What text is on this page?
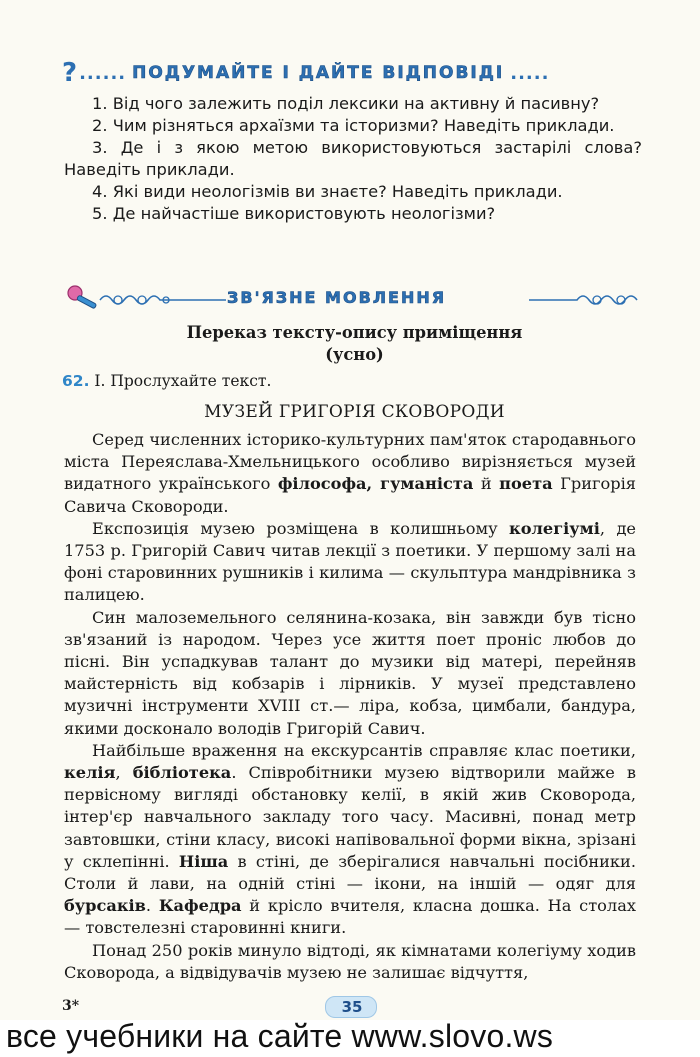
? ...... ПОДУМАЙТЕ І ДАЙТЕ ВІДПОВІДІ .....

1. Від чого залежить поділ лексики на активну й пасивну?

2. Чим різняться архаїзми та історизми? Наведіть приклади.

3. Де і з якою метою використовуються застарілі слова? Наведіть приклади.

4. Які види неологізмів ви знаєте? Наведіть приклади.

5. Де найчастіше використовують неологізми?

ЗВ'ЯЗНЕ МОВЛЕННЯ
Переказ тексту-опису приміщення
(усно)
62. I. Прослухайте текст.
МУЗЕЙ ГРИГОРІЯ СКОВОРОДИ

Серед численних історико-культурних пам'яток стародавнього міста Переяслава-Хмельницького особливо вирізняється музей видатного українського філософа, гуманіста й поета Григорія Савича Сковороди.

Експозиція музею розміщена в колишньому колегіумі, де 1753 р. Григорій Савич читав лекції з поетики. У першому залі на фоні старовинних рушників і килима — скульптура мандрівника з палицею.

Син малоземельного селянина-козака, він завжди був тісно зв'язаний із народом. Через усе життя поет проніс любов до пісні. Він успадкував талант до музики від матері, перейняв майстерність від кобзарів і лірників. У музеї представлено музичні інструменти XVIII ст.— ліра, кобза, цимбали, бандура, якими досконало володів Григорій Савич.

Найбільше враження на екскурсантів справляє клас поетики, келія, бібліотека. Співробітники музею відтворили майже в первісному вигляді обстановку келії, в якій жив Сковорода, інтер'єр навчального закладу того часу. Масивні, понад метр завтовшки, стіни класу, високі напівовальної форми вікна, зрізані у склепінні. Ніша в стіні, де зберігалися навчальні посібники. Столи й лави, на одній стіні — ікони, на іншій — одяг для бурсаків. Кафедра й крісло вчителя, класна дошка. На столах — товстелезні старовинні книги.

Понад 250 років минуло відтоді, як кімнатами колегіуму ходив Сковорода, а відвідувачів музею не залишає відчуття,

3*	35
все учебники на сайте www.slovo.ws
